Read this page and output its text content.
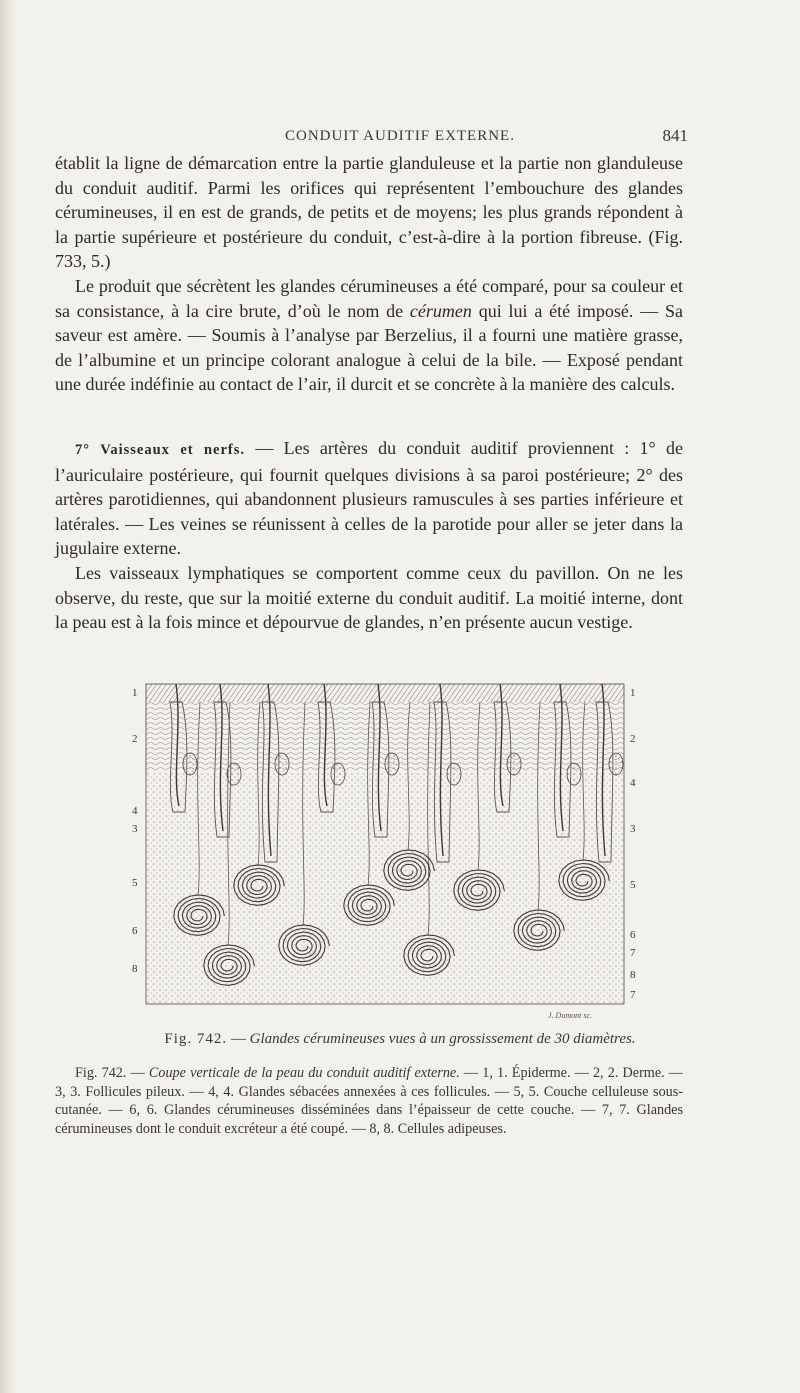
CONDUIT AUDITIF EXTERNE.	841

établit la ligne de démarcation entre la partie glanduleuse et la partie non glanduleuse du conduit auditif. Parmi les orifices qui représentent l’embouchure des glandes cérumineuses, il en est de grands, de petits et de moyens; les plus grands répondent à la partie supérieure et postérieure du conduit, c’est-à-dire à la portion fibreuse. (Fig. 733, 5.)

Le produit que sécrètent les glandes cérumineuses a été comparé, pour sa couleur et sa consistance, à la cire brute, d’où le nom de cérumen qui lui a été imposé. — Sa saveur est amère. — Soumis à l’analyse par Berzelius, il a fourni une matière grasse, de l’albumine et un principe colorant analogue à celui de la bile. — Exposé pendant une durée indéfinie au contact de l’air, il durcit et se concrète à la manière des calculs.

7° Vaisseaux et nerfs. — Les artères du conduit auditif proviennent : 1° de l’auriculaire postérieure, qui fournit quelques divisions à sa paroi postérieure; 2° des artères parotidiennes, qui abandonnent plusieurs ramuscules à ses parties inférieure et latérales. — Les veines se réunissent à celles de la parotide pour aller se jeter dans la jugulaire externe.

Les vaisseaux lymphatiques se comportent comme ceux du pavillon. On ne les observe, du reste, que sur la moitié externe du conduit auditif. La moitié interne, dont la peau est à la fois mince et dépourvue de glandes, n’en présente aucun vestige.

1
2
4
3
5
6
8
1
2
4
3
5
6
7
8
7
J. Dumont sc.
Fig. 742. — Glandes cérumineuses vues à un grossissement de 30 diamètres.

Fig. 742. — Coupe verticale de la peau du conduit auditif externe. — 1, 1. Épiderme. — 2, 2. Derme. — 3, 3. Follicules pileux. — 4, 4. Glandes sébacées annexées à ces follicules. — 5, 5. Couche celluleuse sous-cutanée. — 6, 6. Glandes cérumineuses disséminées dans l’épaisseur de cette couche. — 7, 7. Glandes cérumineuses dont le conduit excréteur a été coupé. — 8, 8. Cellules adipeuses.
